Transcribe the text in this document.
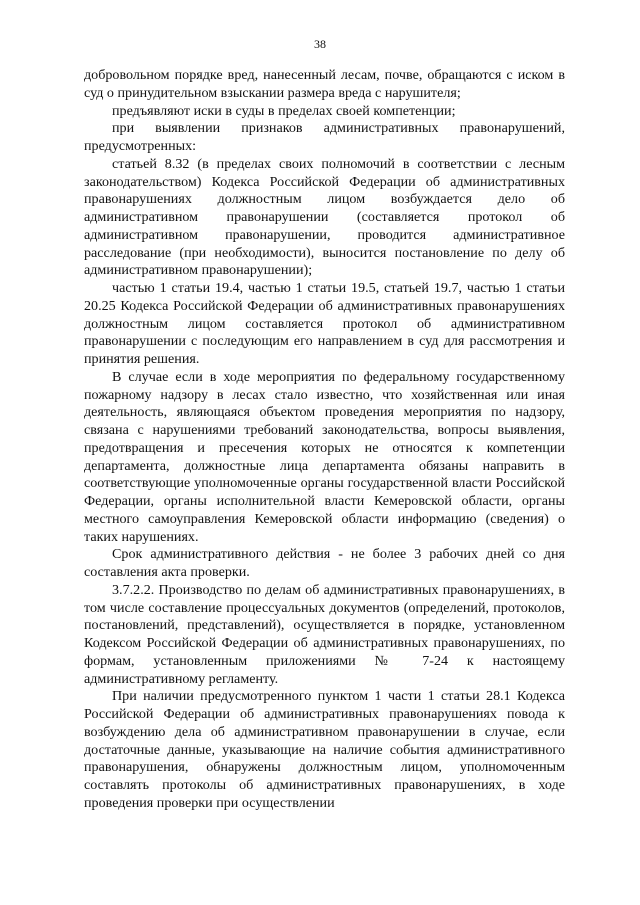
38

добровольном порядке вред, нанесенный лесам, почве, обращаются с иском в суд о принудительном взыскании размера вреда с нарушителя;

предъявляют иски в суды в пределах своей компетенции;

при выявлении признаков административных правонарушений, предусмотренных:

статьей 8.32 (в пределах своих полномочий в соответствии с лесным законодательством) Кодекса Российской Федерации об административных правонарушениях должностным лицом возбуждается дело об административном правонарушении (составляется протокол об административном правонарушении, проводится административное расследование (при необходимости), выносится постановление по делу об административном правонарушении);

частью 1 статьи 19.4, частью 1 статьи 19.5, статьей 19.7, частью 1 статьи 20.25 Кодекса Российской Федерации об административных правонарушениях должностным лицом составляется протокол об административном правонарушении с последующим его направлением в суд для рассмотрения и принятия решения.

В случае если в ходе мероприятия по федеральному государственному пожарному надзору в лесах стало известно, что хозяйственная или иная деятельность, являющаяся объектом проведения мероприятия по надзору, связана с нарушениями требований законодательства, вопросы выявления, предотвращения и пресечения которых не относятся к компетенции департамента, должностные лица департамента обязаны направить в соответствующие уполномоченные органы государственной власти Российской Федерации, органы исполнительной власти Кемеровской области, органы местного самоуправления Кемеровской области информацию (сведения) о таких нарушениях.

Срок административного действия - не более 3 рабочих дней со дня составления акта проверки.

3.7.2.2. Производство по делам об административных правонарушениях, в том числе составление процессуальных документов (определений, протоколов, постановлений, представлений), осуществляется в порядке, установленном Кодексом Российской Федерации об административных правонарушениях, по формам, установленным приложениями № 7-24 к настоящему административному регламенту.

При наличии предусмотренного пунктом 1 части 1 статьи 28.1 Кодекса Российской Федерации об административных правонарушениях повода к возбуждению дела об административном правонарушении в случае, если достаточные данные, указывающие на наличие события административного правонарушения, обнаружены должностным лицом, уполномоченным составлять протоколы об административных правонарушениях, в ходе проведения проверки при осуществлении
